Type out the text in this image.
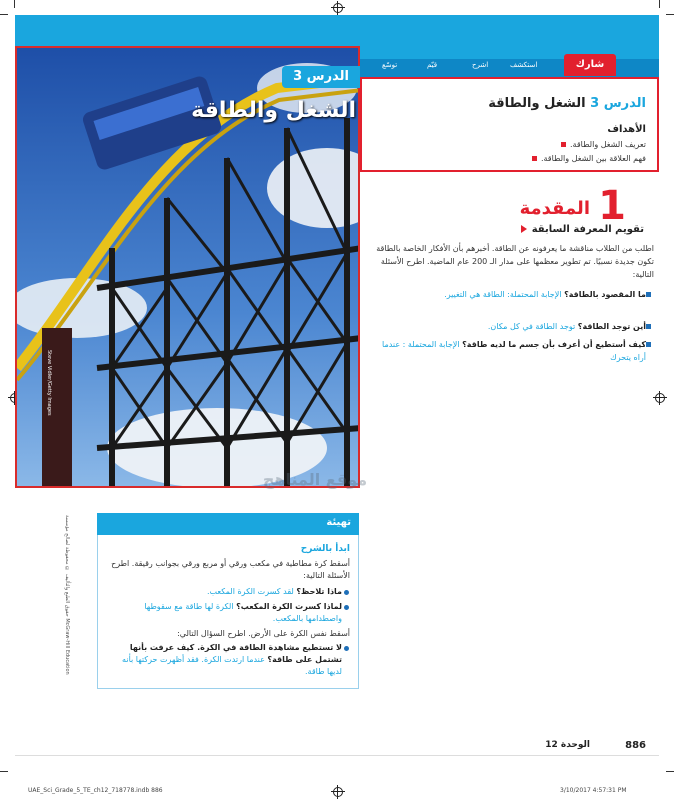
استكشف
اشرح
قيّم
توسّع	شارك
الدرس 3
الشغل والطاقة
Steve Vidler/Getty Images
الدرس 3 الشغل والطاقة
الأهداف
تعريف الشغل والطاقة.
فهم العلاقة بين الشغل والطاقة.
1
المقدمة
تقويم المعرفة السابقة
اطلب من الطلاب مناقشة ما يعرفونه عن الطاقة. أخبرهم بأن الأفكار الخاصة بالطاقة تكون جديدة نسبيًا. تم تطوير معظمها على مدار الـ 200 عام الماضية. اطرح الأسئلة التالية:
ما المقصود بالطاقة؟ الإجابة المحتملة: الطاقة هي التغيير.
أين توجد الطاقة؟ توجد الطاقة في كل مكان.
كيف أستطيع أن أعرف بأن جسم ما لديه طاقة؟ الإجابة المحتملة : عندما أراه يتحرك
موقع المناهج
حقوق الطبع والتأليف © محفوظة لصالح مؤسسة McGraw-Hill Education
تهيئة
ابدأ بالشرح
أسقط كرة مطاطية في مكعب ورقي أو مربع ورقي بجوانب رقيقة. اطرح الأسئلة التالية:
ماذا تلاحظ؟ لقد كسرت الكرة المكعب.
لماذا كسرت الكرة المكعب؟ الكرة لها طاقة مع سقوطها واصطدامها بالمكعب.
أسقط نفس الكرة على الأرض. اطرح السؤال التالي:
لا تستطيع مشاهدة الطاقة في الكرة. كيف عرفت بأنها تشتمل على طاقة؟ عندما ارتدت الكرة. فقد أظهرت حركتها بأنه لديها طاقة.
886
الوحدة 12
UAE_Sci_Grade_5_TE_ch12_718778.indb 886	3/10/2017 4:57:31 PM
